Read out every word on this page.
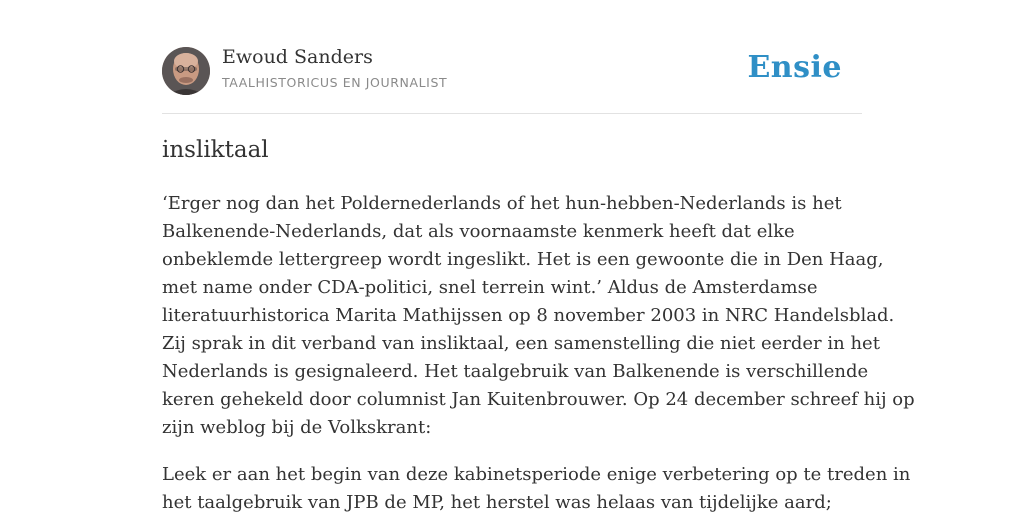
Ewoud Sanders
TAALHISTORICUS EN JOURNALIST	Ensie
insliktaal

‘Erger nog dan het Poldernederlands of het hun-hebben-Nederlands is het
Balkenende-Nederlands, dat als voornaamste kenmerk heeft dat elke
onbeklemde lettergreep wordt ingeslikt. Het is een gewoonte die in Den Haag,
met name onder CDA-politici, snel terrein wint.’ Aldus de Amsterdamse
literatuurhistorica Marita Mathijssen op 8 november 2003 in NRC Handelsblad.
Zij sprak in dit verband van insliktaal, een samenstelling die niet eerder in het
Nederlands is gesignaleerd. Het taalgebruik van Balkenende is verschillende
keren gehekeld door columnist Jan Kuitenbrouwer. Op 24 december schreef hij op
zijn weblog bij de Volkskrant:

Leek er aan het begin van deze kabinetsperiode enige verbetering op te treden in
het taalgebruik van JPB de MP, het herstel was helaas van tijdelijke aard;
